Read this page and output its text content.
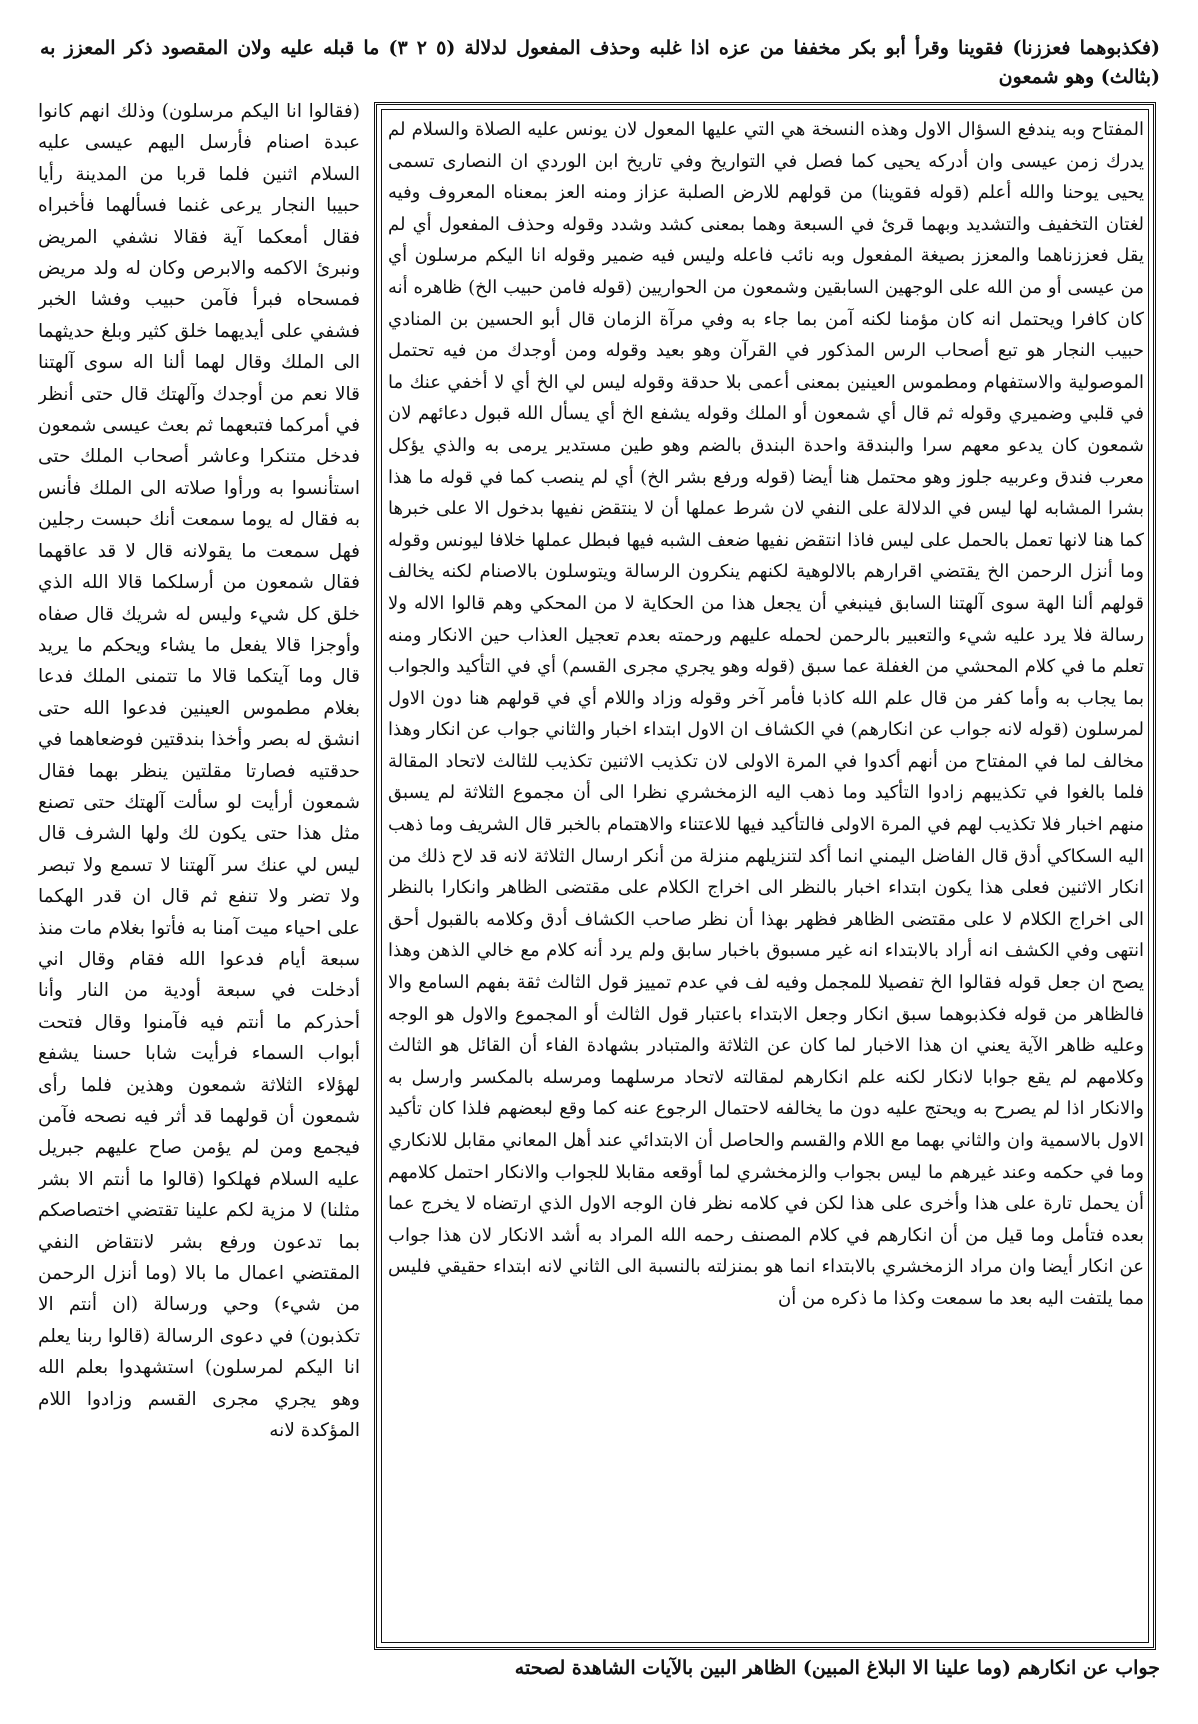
(فكذبوهما فعززنا) فقوينا وقرأ أبو بكر مخففا من عزه اذا غلبه وحذف المفعول لدلالة (٥ ٢ ٣) ما قبله عليه ولان المقصود ذكر المعزز به (بثالث) وهو شمعون
المفتاح وبه يندفع السؤال الاول وهذه النسخة هي التي عليها المعول لان يونس عليه الصلاة والسلام لم يدرك زمن عيسى وان أدركه يحيى كما فصل في التواريخ وفي تاريخ ابن الوردي ان النصارى تسمى يحيى يوحنا والله أعلم (قوله فقوينا) من قولهم للارض الصلبة عزاز ومنه العز بمعناه المعروف وفيه لغتان التخفيف والتشديد وبهما قرئ في السبعة وهما بمعنى كشد وشدد وقوله وحذف المفعول أي لم يقل فعززناهما والمعزز بصيغة المفعول وبه نائب فاعله وليس فيه ضمير وقوله انا اليكم مرسلون أي من عيسى أو من الله على الوجهين السابقين وشمعون من الحواريين (قوله فامن حبيب الخ) ظاهره أنه كان كافرا ويحتمل انه كان مؤمنا لكنه آمن بما جاء به وفي مرآة الزمان قال أبو الحسين بن المنادي حبيب النجار هو تبع أصحاب الرس المذكور في القرآن وهو بعيد وقوله ومن أوجدك من فيه تحتمل الموصولية والاستفهام ومطموس العينين بمعنى أعمى بلا حدقة وقوله ليس لي الخ أي لا أخفي عنك ما في قلبي وضميري وقوله ثم قال أي شمعون أو الملك وقوله يشفع الخ أي يسأل الله قبول دعائهم لان شمعون كان يدعو معهم سرا والبندقة واحدة البندق بالضم وهو طين مستدير يرمى به والذي يؤكل معرب فندق وعربيه جلوز وهو محتمل هنا أيضا (قوله ورفع بشر الخ) أي لم ينصب كما في قوله ما هذا بشرا المشابه لها ليس في الدلالة على النفي لان شرط عملها أن لا ينتقض نفيها بدخول الا على خبرها كما هنا لانها تعمل بالحمل على ليس فاذا انتقض نفيها ضعف الشبه فيها فبطل عملها خلافا ليونس وقوله وما أنزل الرحمن الخ يقتضي اقرارهم بالالوهية لكنهم ينكرون الرسالة ويتوسلون بالاصنام لكنه يخالف قولهم ألنا الهة سوى آلهتنا السابق فينبغي أن يجعل هذا من الحكاية لا من المحكي وهم قالوا الاله ولا رسالة فلا يرد عليه شيء والتعبير بالرحمن لحمله عليهم ورحمته بعدم تعجيل العذاب حين الانكار ومنه تعلم ما في كلام المحشي من الغفلة عما سبق (قوله وهو يجري مجرى القسم) أي في التأكيد والجواب بما يجاب به وأما كفر من قال علم الله كاذبا فأمر آخر وقوله وزاد واللام أي في قولهم هنا دون الاول لمرسلون (قوله لانه جواب عن انكارهم) في الكشاف ان الاول ابتداء اخبار والثاني جواب عن انكار وهذا مخالف لما في المفتاح من أنهم أكدوا في المرة الاولى لان تكذيب الاثنين تكذيب للثالث لاتحاد المقالة فلما بالغوا في تكذيبهم زادوا التأكيد وما ذهب اليه الزمخشري نظرا الى أن مجموع الثلاثة لم يسبق منهم اخبار فلا تكذيب لهم في المرة الاولى فالتأكيد فيها للاعتناء والاهتمام بالخبر قال الشريف وما ذهب اليه السكاكي أدق قال الفاضل اليمني انما أكد لتنزيلهم منزلة من أنكر ارسال الثلاثة لانه قد لاح ذلك من انكار الاثنين فعلى هذا يكون ابتداء اخبار بالنظر الى اخراج الكلام على مقتضى الظاهر وانكارا بالنظر الى اخراج الكلام لا على مقتضى الظاهر فظهر بهذا أن نظر صاحب الكشاف أدق وكلامه بالقبول أحق انتهى وفي الكشف انه أراد بالابتداء انه غير مسبوق باخبار سابق ولم يرد أنه كلام مع خالي الذهن وهذا يصح ان جعل قوله فقالوا الخ تفصيلا للمجمل وفيه لف في عدم تمييز قول الثالث ثقة بفهم السامع والا فالظاهر من قوله فكذبوهما سبق انكار وجعل الابتداء باعتبار قول الثالث أو المجموع والاول هو الوجه وعليه ظاهر الآية يعني ان هذا الاخبار لما كان عن الثلاثة والمتبادر بشهادة الفاء أن القائل هو الثالث وكلامهم لم يقع جوابا لانكار لكنه علم انكارهم لمقالته لاتحاد مرسلهما ومرسله بالمكسر وارسل به والانكار اذا لم يصرح به ويحتج عليه دون ما يخالفه لاحتمال الرجوع عنه كما وقع لبعضهم فلذا كان تأكيد الاول بالاسمية وان والثاني بهما مع اللام والقسم والحاصل أن الابتدائي عند أهل المعاني مقابل للانكاري وما في حكمه وعند غيرهم ما ليس بجواب والزمخشري لما أوقعه مقابلا للجواب والانكار احتمل كلامهم أن يحمل تارة على هذا وأخرى على هذا لكن في كلامه نظر فان الوجه الاول الذي ارتضاه لا يخرج عما بعده فتأمل وما قيل من أن انكارهم في كلام المصنف رحمه الله المراد به أشد الانكار لان هذا جواب عن انكار أيضا وان مراد الزمخشري بالابتداء انما هو بمنزلته بالنسبة الى الثاني لانه ابتداء حقيقي فليس مما يلتفت اليه بعد ما سمعت وكذا ما ذكره من أن
(فقالوا انا اليكم مرسلون) وذلك انهم كانوا عبدة اصنام فأرسل اليهم عيسى عليه السلام اثنين فلما قربا من المدينة رأيا حبيبا النجار يرعى غنما فسألهما فأخبراه فقال أمعكما آية فقالا نشفي المريض ونبرئ الاكمه والابرص وكان له ولد مريض فمسحاه فبرأ فآمن حبيب وفشا الخبر فشفي على أيديهما خلق كثير وبلغ حديثهما الى الملك وقال لهما ألنا اله سوى آلهتنا قالا نعم من أوجدك وآلهتك قال حتى أنظر في أمركما فتبعهما ثم بعث عيسى شمعون فدخل متنكرا وعاشر أصحاب الملك حتى استأنسوا به ورأوا صلاته الى الملك فأنس به فقال له يوما سمعت أنك حبست رجلين فهل سمعت ما يقولانه قال لا قد عاقهما فقال شمعون من أرسلكما قالا الله الذي خلق كل شيء وليس له شريك قال صفاه وأوجزا قالا يفعل ما يشاء ويحكم ما يريد قال وما آيتكما قالا ما تتمنى الملك فدعا بغلام مطموس العينين فدعوا الله حتى انشق له بصر وأخذا بندقتين فوضعاهما في حدقتيه فصارتا مقلتين ينظر بهما فقال شمعون أرأيت لو سألت آلهتك حتى تصنع مثل هذا حتى يكون لك ولها الشرف قال ليس لي عنك سر آلهتنا لا تسمع ولا تبصر ولا تضر ولا تنفع ثم قال ان قدر الهكما على احياء ميت آمنا به فأتوا بغلام مات منذ سبعة أيام فدعوا الله فقام وقال اني أدخلت في سبعة أودية من النار وأنا أحذركم ما أنتم فيه فآمنوا وقال فتحت أبواب السماء فرأيت شابا حسنا يشفع لهؤلاء الثلاثة شمعون وهذين فلما رأى شمعون أن قولهما قد أثر فيه نصحه فآمن فيجمع ومن لم يؤمن صاح عليهم جبريل عليه السلام فهلكوا (قالوا ما أنتم الا بشر مثلنا) لا مزية لكم علينا تقتضي اختصاصكم بما تدعون ورفع بشر لانتقاض النفي المقتضي اعمال ما بالا (وما أنزل الرحمن من شيء) وحي ورسالة (ان أنتم الا تكذبون) في دعوى الرسالة (قالوا ربنا يعلم انا اليكم لمرسلون) استشهدوا بعلم الله وهو يجري مجرى القسم وزادوا اللام المؤكدة لانه
جواب عن انكارهم (وما علينا الا البلاغ المبين) الظاهر البين بالآيات الشاهدة لصحته
